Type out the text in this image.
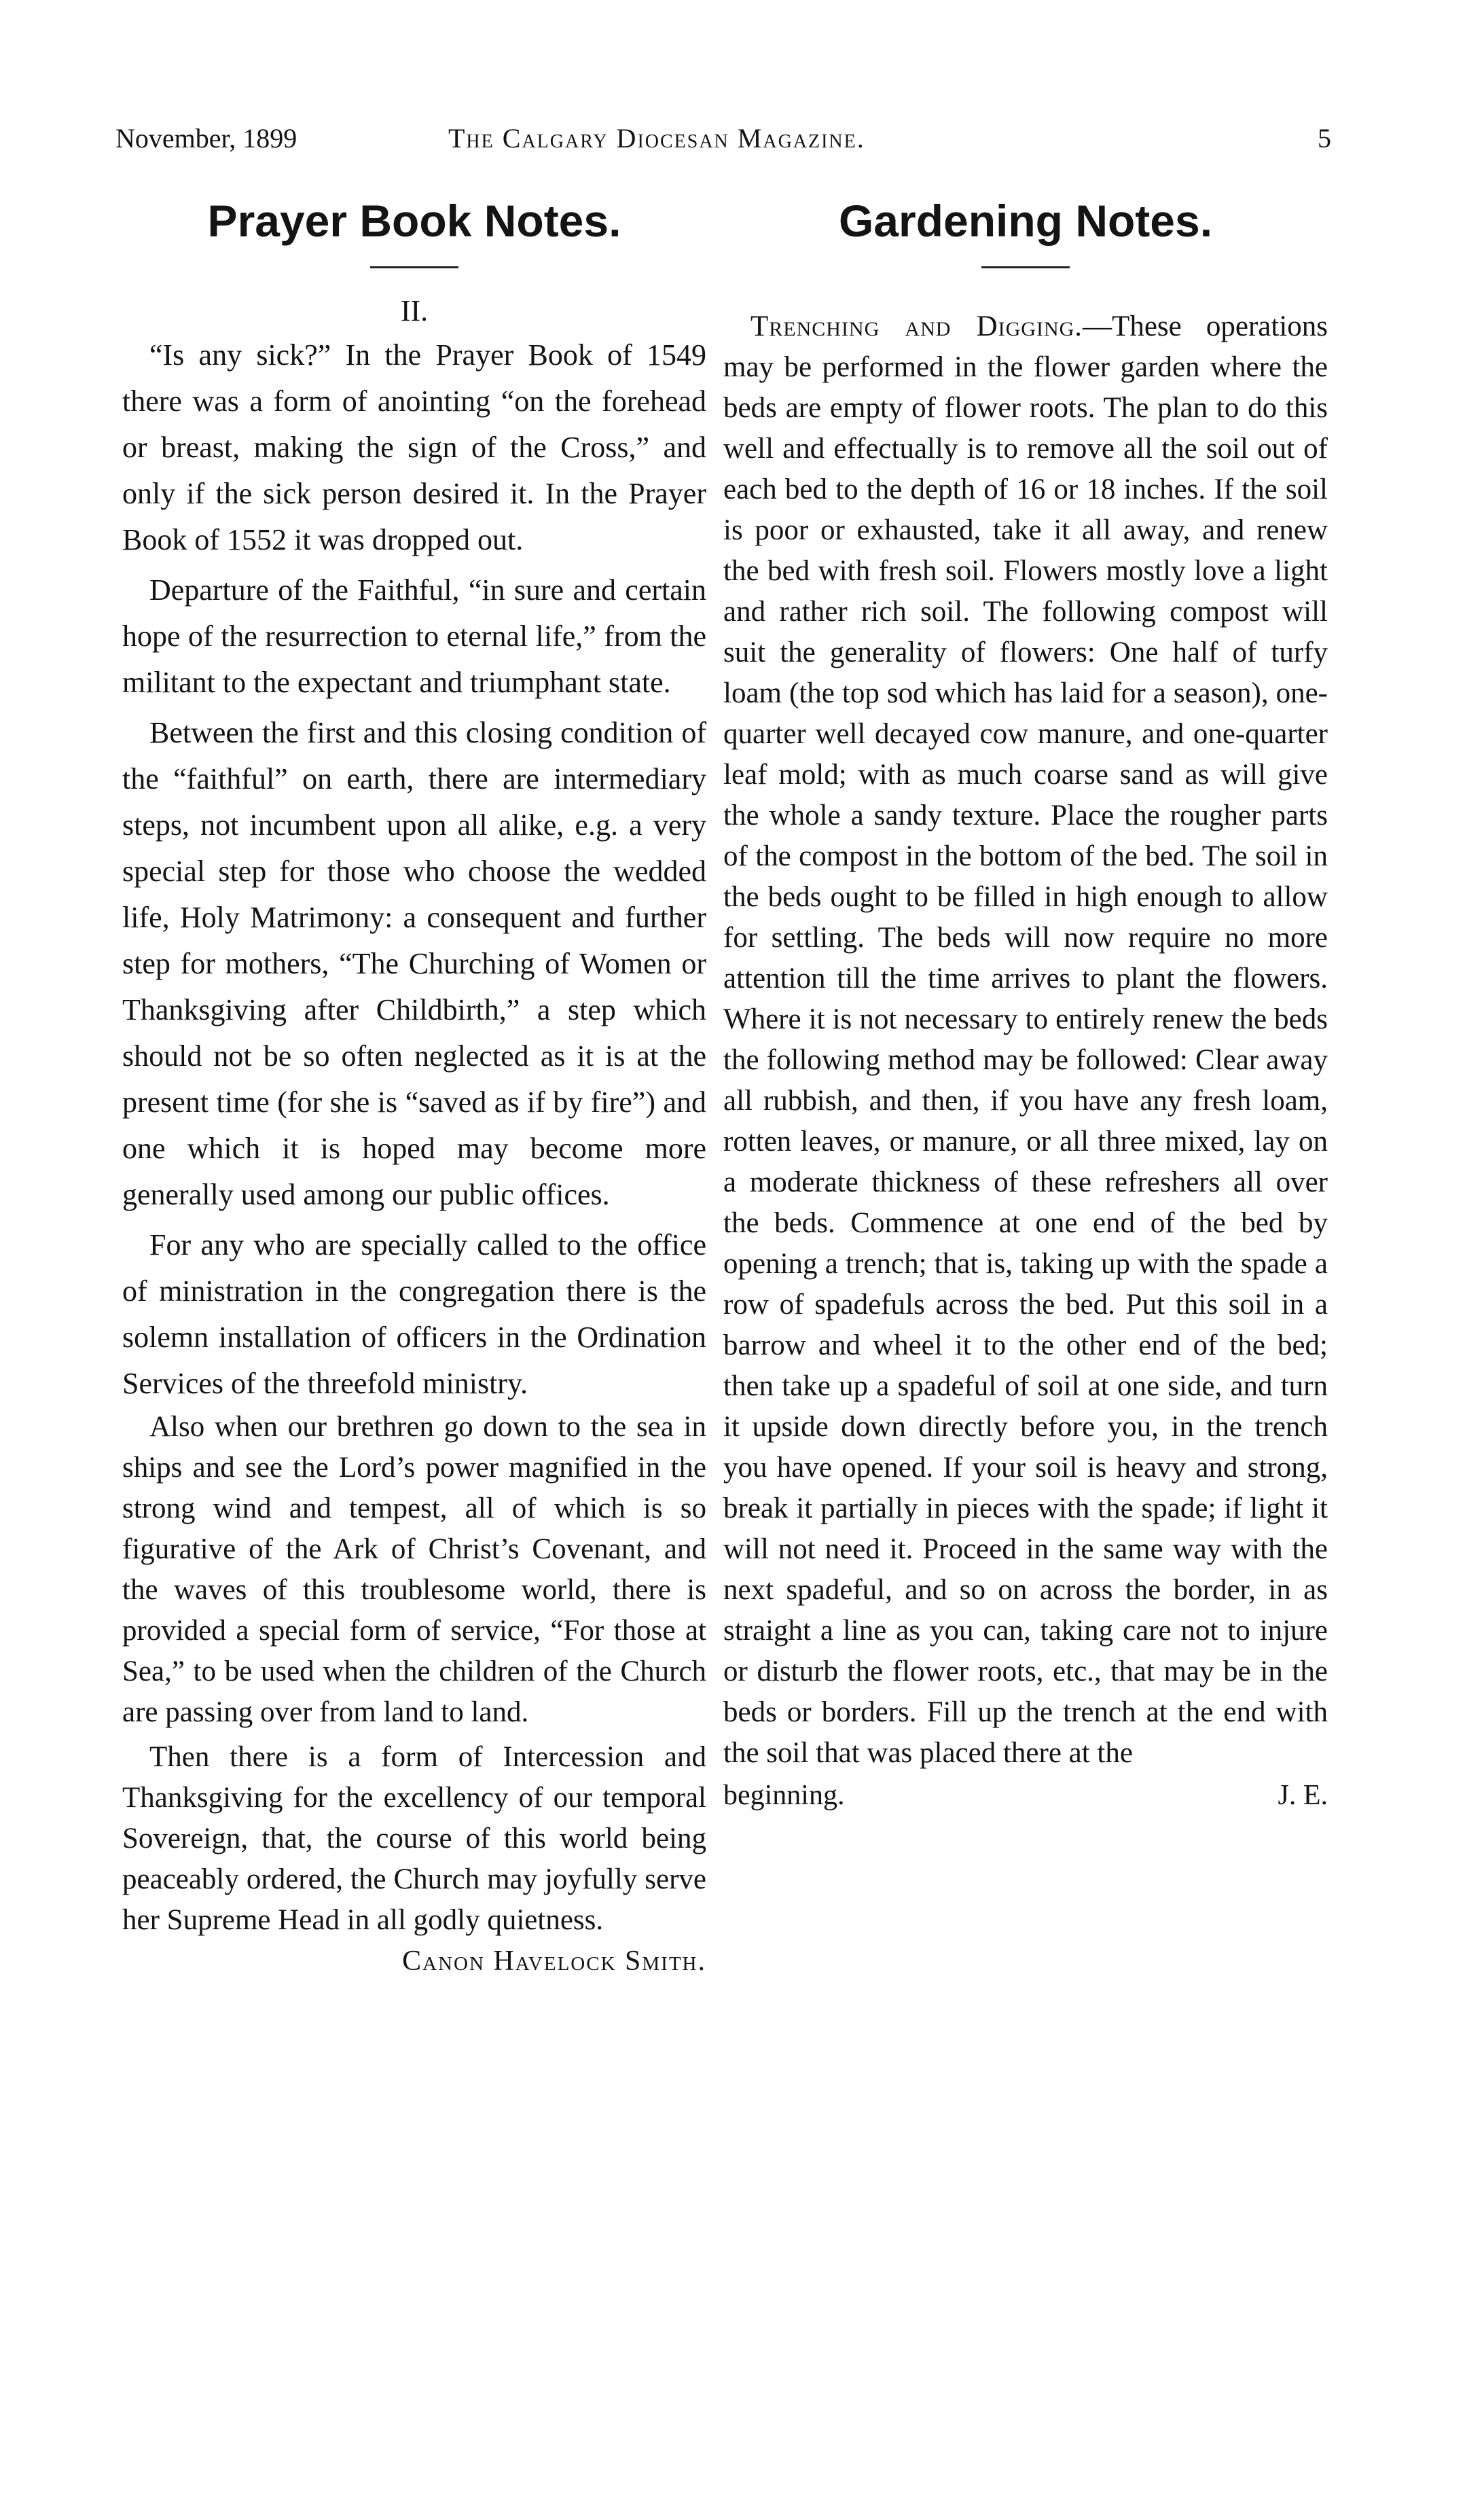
November, 1899	The Calgary Diocesan Magazine.	5
Prayer Book Notes.
II.

“Is any sick?” In the Prayer Book of 1549 there was a form of anointing “on the forehead or breast, making the sign of the Cross,” and only if the sick person desired it. In the Prayer Book of 1552 it was dropped out.

Departure of the Faithful, “in sure and certain hope of the resurrection to eternal life,” from the militant to the expectant and triumphant state.

Between the first and this closing condition of the “faithful” on earth, there are intermediary steps, not incumbent upon all alike, e.g. a very special step for those who choose the wedded life, Holy Matrimony: a consequent and further step for mothers, “The Churching of Women or Thanksgiving after Childbirth,” a step which should not be so often neglected as it is at the present time (for she is “saved as if by fire”) and one which it is hoped may become more generally used among our public offices.

For any who are specially called to the office of ministration in the congregation there is the solemn installation of officers in the Ordination Services of the threefold ministry.

Also when our brethren go down to the sea in ships and see the Lord’s power magnified in the strong wind and tempest, all of which is so figurative of the Ark of Christ’s Covenant, and the waves of this troublesome world, there is provided a special form of service, “For those at Sea,” to be used when the children of the Church are passing over from land to land.

Then there is a form of Intercession and Thanksgiving for the excellency of our temporal Sovereign, that, the course of this world being peaceably ordered, the Church may joyfully serve her Supreme Head in all godly quietness.

Canon Havelock Smith.
Gardening Notes.

Trenching and Digging.—These operations may be performed in the flower garden where the beds are empty of flower roots. The plan to do this well and effectually is to remove all the soil out of each bed to the depth of 16 or 18 inches. If the soil is poor or exhausted, take it all away, and renew the bed with fresh soil. Flowers mostly love a light and rather rich soil. The following compost will suit the generality of flowers: One half of turfy loam (the top sod which has laid for a season), one-quarter well decayed cow manure, and one-quarter leaf mold; with as much coarse sand as will give the whole a sandy texture. Place the rougher parts of the compost in the bottom of the bed. The soil in the beds ought to be filled in high enough to allow for settling. The beds will now require no more attention till the time arrives to plant the flowers. Where it is not necessary to entirely renew the beds the following method may be followed: Clear away all rubbish, and then, if you have any fresh loam, rotten leaves, or manure, or all three mixed, lay on a moderate thickness of these refreshers all over the beds. Commence at one end of the bed by opening a trench; that is, taking up with the spade a row of spadefuls across the bed. Put this soil in a barrow and wheel it to the other end of the bed; then take up a spadeful of soil at one side, and turn it upside down directly before you, in the trench you have opened. If your soil is heavy and strong, break it partially in pieces with the spade; if light it will not need it. Proceed in the same way with the next spadeful, and so on across the border, in as straight a line as you can, taking care not to injure or disturb the flower roots, etc., that may be in the beds or borders. Fill up the trench at the end with the soil that was placed there at the

beginning.	J. E.
